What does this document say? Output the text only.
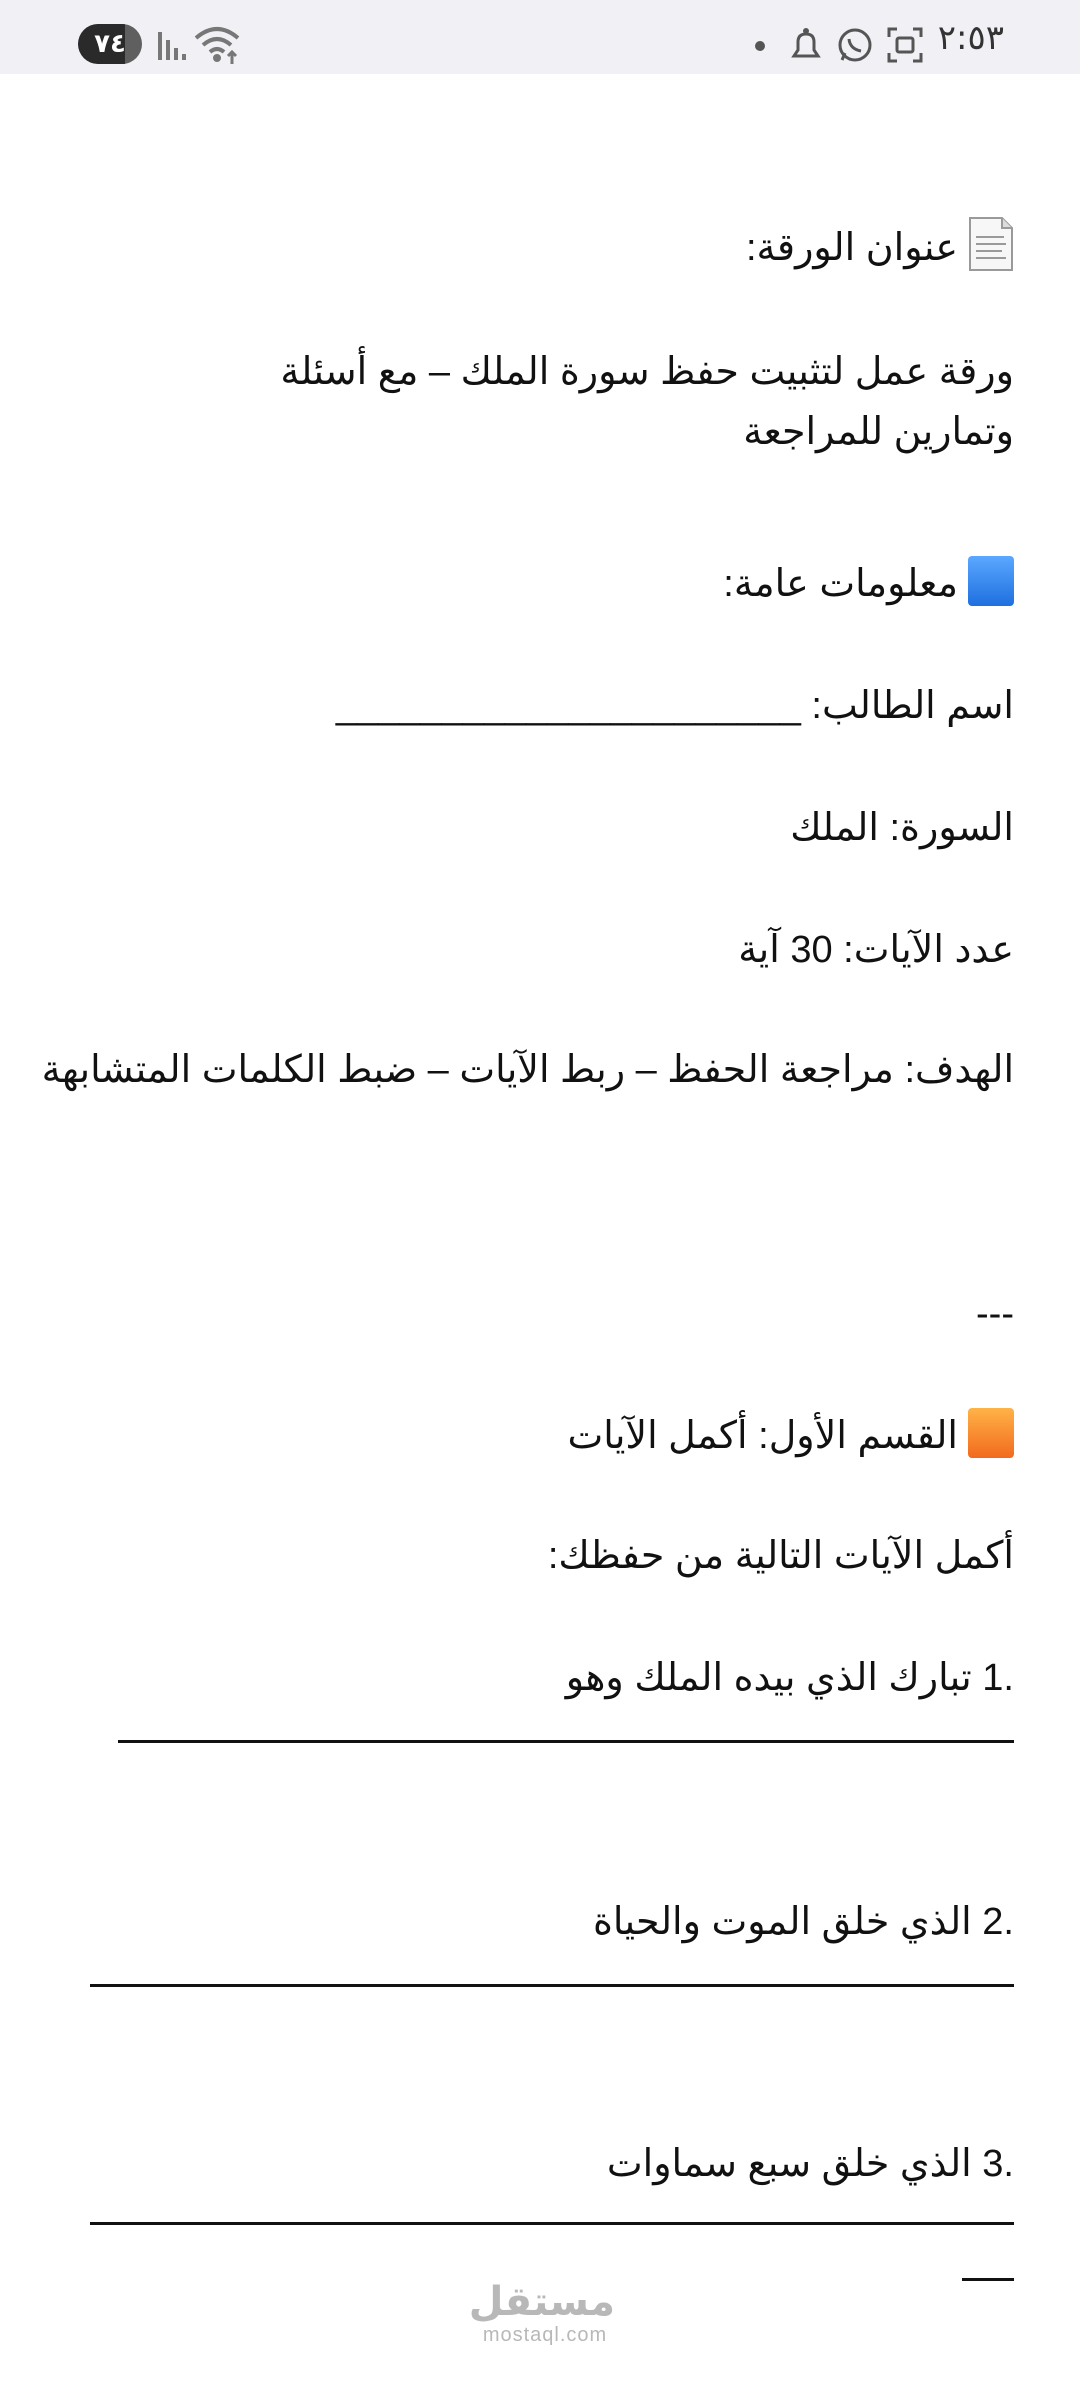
٧٤	٢:٥٣
عنوان الورقة:
ورقة عمل لتثبيت حفظ سورة الملك – مع أسئلة وتمارين للمراجعة
معلومات عامة:
اسم الطالب: ______________________
السورة: الملك
عدد الآيات: 30 آية
الهدف: مراجعة الحفظ – ربط الآيات – ضبط الكلمات المتشابهة
---
القسم الأول: أكمل الآيات
أكمل الآيات التالية من حفظك:
1. تبارك الذي بيده الملك وهو
2. الذي خلق الموت والحياة
3. الذي خلق سبع سماوات
مستقل
mostaql.com
